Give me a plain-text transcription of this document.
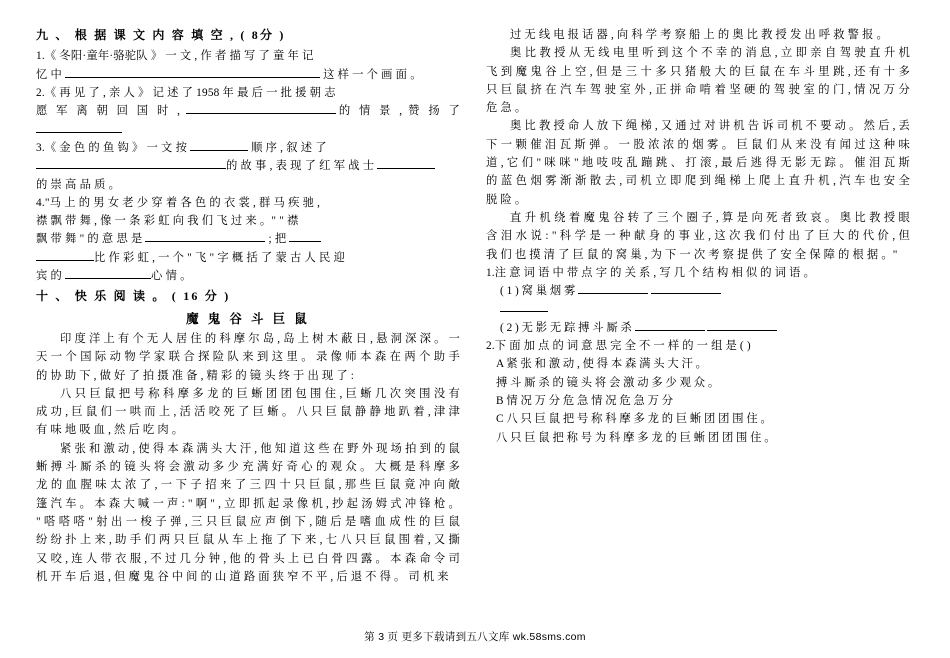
九 、 根 据 课 文 内 容 填 空 , ( 8分 )

1.《 冬阳·童年·骆驼队 》 一 文 , 作 者 描 写 了 童 年 记
忆 中	这 样 一 个 画 面 。

2.《 再 见 了 , 亲 人 》 记 述 了 1958 年 最 后 一 批 援 朝 志
愿 军 离 朝 回 国 时 ,	的 情 景 , 赞 扬 了

3.《 金 色 的 鱼 钩 》 一 文 按	顺 序 , 叙 述 了
的 故 事 , 表 现 了 红 军 战 士
的 崇 高 品 质 。

4."马 上 的 男 女 老 少 穿 着 各 色 的 衣 裳 , 群 马 疾 驰 ,
襟 飘 带 舞 , 像 一 条 彩 虹 向 我 们 飞 过 来 。" " 襟
飘 带 舞 " 的 意 思 是	; 把
比 作 彩 虹 , 一 个 " 飞 " 字 概 括 了 蒙 古 人 民 迎
宾 的	心 情 。

十 、 快 乐 阅 读 。 ( 16 分 )

魔 鬼 谷 斗 巨 鼠

印 度 洋 上 有 个 无 人 居 住 的 科 摩 尔 岛 , 岛 上 树 木 蔽 日 , 悬 洞 深 深 。 一 天 一 个 国 际 动 物 学 家 联 合 探 险 队 来 到 这 里 。 录 像 师 本 森 在 两 个 助 手 的 协 助 下 , 做 好 了 拍 摄 准 备 , 精 彩 的 镜 头 终 于 出 现 了 :

八 只 巨 鼠 把 号 称 科 摩 多 龙 的 巨 蜥 团 团 包 围 住 , 巨 蜥 几 次 突 围 没 有 成 功 , 巨 鼠 们 一 哄 而 上 , 活 活 咬 死 了 巨 蜥 。 八 只 巨 鼠 静 静 地 趴 着 , 津 津 有 味 地 吸 血 , 然 后 吃 肉 。

紧 张 和 激 动 , 使 得 本 森 满 头 大 汗 , 他 知 道 这 些 在 野 外 现 场 拍 到 的 鼠 蜥 搏 斗 厮 杀 的 镜 头 将 会 激 动 多 少 充 满 好 奇 心 的 观 众 。 大 概 是 科 摩 多 龙 的 血 腥 味 太 浓 了 , 一 下 子 招 来 了 三 四 十 只 巨 鼠 , 那 些 巨 鼠 竟 冲 向 敞 篷 汽 车 。 本 森 大 喊 一 声 : " 啊 " , 立 即 抓 起 录 像 机 , 抄 起 汤 姆 式 冲 锋 枪 。 " 嗒 嗒 嗒 " 射 出 一 梭 子 弹 , 三 只 巨 鼠 应 声 倒 下 , 随 后 是 嗜 血 成 性 的 巨 鼠 纷 纷 扑 上 来 , 助 手 们 两 只 巨 鼠 从 车 上 拖 了 下 来 , 七 八 只 巨 鼠 围 着 , 又 撕 又 咬 , 连 人 带 衣 服 , 不 过 几 分 钟 , 他 的 骨 头 上 已 白 骨 四 露 。 本 森 命 令 司 机 开 车 后 退 , 但 魔 鬼 谷 中 间 的 山 道 路 面 狭 窄 不 平 , 后 退 不 得 。 司 机 来

过 无 线 电 报 话 器 , 向 科 学 考 察 船 上 的 奥 比 教 授 发 出 呼 救 警 报 。

奥 比 教 授 从 无 线 电 里 听 到 这 个 不 幸 的 消 息 , 立 即 亲 自 驾 驶 直 升 机 飞 到 魔 鬼 谷 上 空 , 但 是 三 十 多 只 猪 般 大 的 巨 鼠 在 车 斗 里 跳 , 还 有 十 多 只 巨 鼠 挤 在 汽 车 驾 驶 室 外 , 正 拼 命 啃 着 坚 硬 的 驾 驶 室 的 门 , 情 况 万 分 危 急 。

奥 比 教 授 命 人 放 下 绳 梯 , 又 通 过 对 讲 机 告 诉 司 机 不 要 动 。 然 后 , 丢 下 一 颗 催 泪 瓦 斯 弹 。 一 股 浓 浓 的 烟 雾 。 巨 鼠 们 从 来 没 有 闻 过 这 种 味 道 , 它 们 " 咪 咪 " 地 吱 吱 乱 蹦 跳 、 打 滚 , 最 后 逃 得 无 影 无 踪 。 催 泪 瓦 斯 的 蓝 色 烟 雾 渐 渐 散 去 , 司 机 立 即 爬 到 绳 梯 上 爬 上 直 升 机 , 汽 车 也 安 全 脱 险 。

直 升 机 绕 着 魔 鬼 谷 转 了 三 个 圈 子 , 算 是 向 死 者 致 哀 。 奥 比 教 授 眼 含 泪 水 说 : " 科 学 是 一 种 献 身 的 事 业 , 这 次 我 们 付 出 了 巨 大 的 代 价 , 但 我 们 也 摸 清 了 巨 鼠 的 窝 巢 , 为 下 一 次 考 察 提 供 了 安 全 保 障 的 根 据 。"

1.注 意 词 语 中 带 点 字 的 关 系 , 写 几 个 结 构 相 似 的 词 语 。

( 1 ) 窝 巢 烟 雾

( 2 ) 无 影 无 踪 搏 斗 厮 杀

2.下 面 加 点 的 词 意 思 完 全 不 一 样 的 一 组 是 ( )

A 紧 张 和 激 动 , 使 得 本 森 满 头 大 汗 。

搏 斗 厮 杀 的 镜 头 将 会 激 动 多 少 观 众 。

B 情 况 万 分 危 急 情 况 危 急 万 分

C 八 只 巨 鼠 把 号 称 科 摩 多 龙 的 巨 蜥 团 团 围 住 。

八 只 巨 鼠 把 称 号 为 科 摩 多 龙 的 巨 蜥 团 团 围 住 。

第 3 页 更多下载请到五八文库 wk.58sms.com
